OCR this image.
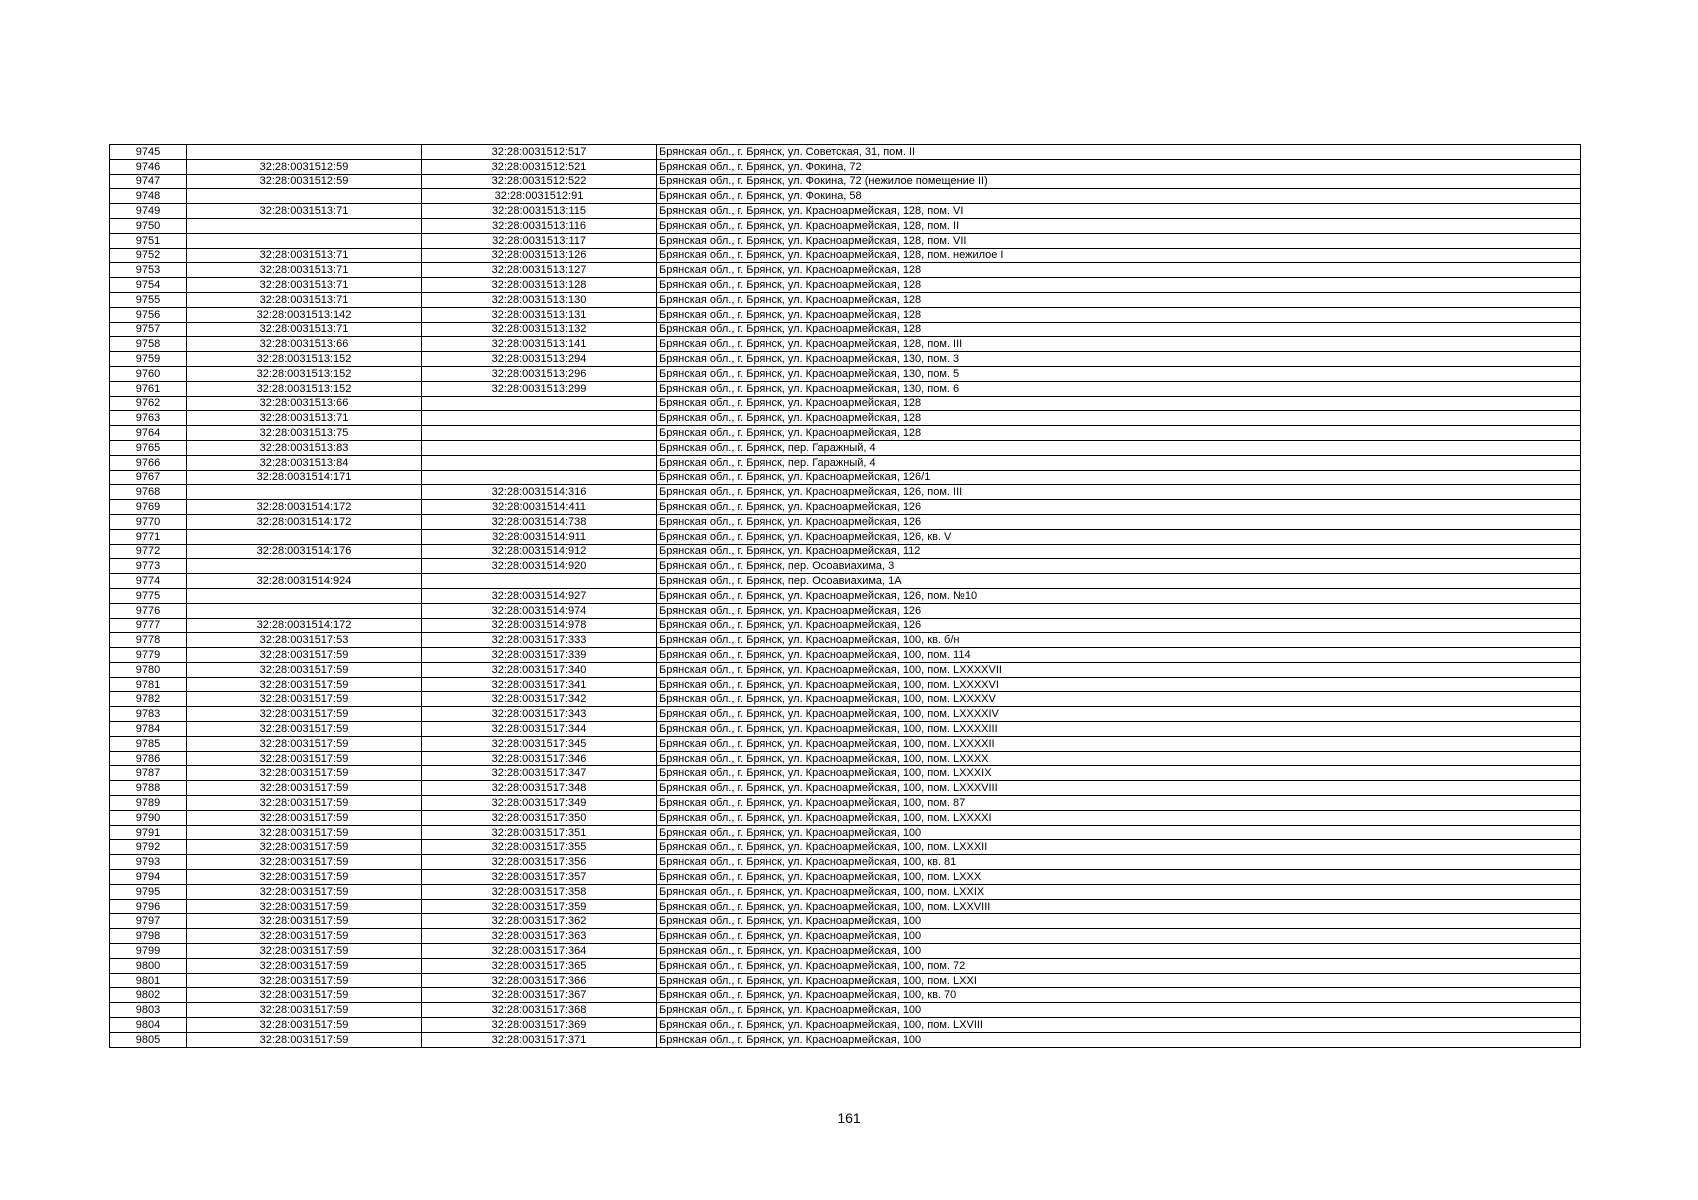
9745		32:28:0031512:517	Брянская обл., г. Брянск, ул. Советская, 31, пом. II
9746	32:28:0031512:59	32:28:0031512:521	Брянская обл., г. Брянск, ул. Фокина, 72
9747	32:28:0031512:59	32:28:0031512:522	Брянская обл., г. Брянск, ул. Фокина, 72 (нежилое помещение II)
9748		32:28:0031512:91	Брянская обл., г. Брянск, ул. Фокина, 58
9749	32:28:0031513:71	32:28:0031513:115	Брянская обл., г. Брянск, ул. Красноармейская, 128, пом. VI
9750		32:28:0031513:116	Брянская обл., г. Брянск, ул. Красноармейская, 128, пом. II
9751		32:28:0031513:117	Брянская обл., г. Брянск, ул. Красноармейская, 128, пом. VII
9752	32:28:0031513:71	32:28:0031513:126	Брянская обл., г. Брянск, ул. Красноармейская, 128, пом. нежилое I
9753	32:28:0031513:71	32:28:0031513:127	Брянская обл., г. Брянск, ул. Красноармейская, 128
9754	32:28:0031513:71	32:28:0031513:128	Брянская обл., г. Брянск, ул. Красноармейская, 128
9755	32:28:0031513:71	32:28:0031513:130	Брянская обл., г. Брянск, ул. Красноармейская, 128
9756	32:28:0031513:142	32:28:0031513:131	Брянская обл., г. Брянск, ул. Красноармейская, 128
9757	32:28:0031513:71	32:28:0031513:132	Брянская обл., г. Брянск, ул. Красноармейская, 128
9758	32:28:0031513:66	32:28:0031513:141	Брянская обл., г. Брянск, ул. Красноармейская, 128, пом. III
9759	32:28:0031513:152	32:28:0031513:294	Брянская обл., г. Брянск, ул. Красноармейская, 130, пом. 3
9760	32:28:0031513:152	32:28:0031513:296	Брянская обл., г. Брянск, ул. Красноармейская, 130, пом. 5
9761	32:28:0031513:152	32:28:0031513:299	Брянская обл., г. Брянск, ул. Красноармейская, 130, пом. 6
9762	32:28:0031513:66		Брянская обл., г. Брянск, ул. Красноармейская, 128
9763	32:28:0031513:71		Брянская обл., г. Брянск, ул. Красноармейская, 128
9764	32:28:0031513:75		Брянская обл., г. Брянск, ул. Красноармейская, 128
9765	32:28:0031513:83		Брянская обл., г. Брянск, пер. Гаражный, 4
9766	32:28:0031513:84		Брянская обл., г. Брянск, пер. Гаражный, 4
9767	32:28:0031514:171		Брянская обл., г. Брянск, ул. Красноармейская, 126/1
9768		32:28:0031514:316	Брянская обл., г. Брянск, ул. Красноармейская, 126, пом. III
9769	32:28:0031514:172	32:28:0031514:411	Брянская обл., г. Брянск, ул. Красноармейская, 126
9770	32:28:0031514:172	32:28:0031514:738	Брянская обл., г. Брянск, ул. Красноармейская, 126
9771		32:28:0031514:911	Брянская обл., г. Брянск, ул. Красноармейская, 126, кв. V
9772	32:28:0031514:176	32:28:0031514:912	Брянская обл., г. Брянск, ул. Красноармейская, 112
9773		32:28:0031514:920	Брянская обл., г. Брянск, пер. Осоавиахима, 3
9774	32:28:0031514:924		Брянская обл., г. Брянск, пер. Осоавиахима, 1А
9775		32:28:0031514:927	Брянская обл., г. Брянск, ул. Красноармейская, 126, пом. №10
9776		32:28:0031514:974	Брянская обл., г. Брянск, ул. Красноармейская, 126
9777	32:28:0031514:172	32:28:0031514:978	Брянская обл., г. Брянск, ул. Красноармейская, 126
9778	32:28:0031517:53	32:28:0031517:333	Брянская обл., г. Брянск, ул. Красноармейская, 100, кв. б/н
9779	32:28:0031517:59	32:28:0031517:339	Брянская обл., г. Брянск, ул. Красноармейская, 100, пом. 114
9780	32:28:0031517:59	32:28:0031517:340	Брянская обл., г. Брянск, ул. Красноармейская, 100, пом. LXXXXVII
9781	32:28:0031517:59	32:28:0031517:341	Брянская обл., г. Брянск, ул. Красноармейская, 100, пом. LXXXXVI
9782	32:28:0031517:59	32:28:0031517:342	Брянская обл., г. Брянск, ул. Красноармейская, 100, пом. LXXXXV
9783	32:28:0031517:59	32:28:0031517:343	Брянская обл., г. Брянск, ул. Красноармейская, 100, пом. LXXXXIV
9784	32:28:0031517:59	32:28:0031517:344	Брянская обл., г. Брянск, ул. Красноармейская, 100, пом. LXXXXIII
9785	32:28:0031517:59	32:28:0031517:345	Брянская обл., г. Брянск, ул. Красноармейская, 100, пом. LXXXXII
9786	32:28:0031517:59	32:28:0031517:346	Брянская обл., г. Брянск, ул. Красноармейская, 100, пом. LXXXX
9787	32:28:0031517:59	32:28:0031517:347	Брянская обл., г. Брянск, ул. Красноармейская, 100, пом. LXXXIX
9788	32:28:0031517:59	32:28:0031517:348	Брянская обл., г. Брянск, ул. Красноармейская, 100, пом. LXXXVIII
9789	32:28:0031517:59	32:28:0031517:349	Брянская обл., г. Брянск, ул. Красноармейская, 100, пом. 87
9790	32:28:0031517:59	32:28:0031517:350	Брянская обл., г. Брянск, ул. Красноармейская, 100, пом. LXXXXI
9791	32:28:0031517:59	32:28:0031517:351	Брянская обл., г. Брянск, ул. Красноармейская, 100
9792	32:28:0031517:59	32:28:0031517:355	Брянская обл., г. Брянск, ул. Красноармейская, 100, пом. LXXXII
9793	32:28:0031517:59	32:28:0031517:356	Брянская обл., г. Брянск, ул. Красноармейская, 100, кв. 81
9794	32:28:0031517:59	32:28:0031517:357	Брянская обл., г. Брянск, ул. Красноармейская, 100, пом. LXXX
9795	32:28:0031517:59	32:28:0031517:358	Брянская обл., г. Брянск, ул. Красноармейская, 100, пом. LXXIX
9796	32:28:0031517:59	32:28:0031517:359	Брянская обл., г. Брянск, ул. Красноармейская, 100, пом. LXXVIII
9797	32:28:0031517:59	32:28:0031517:362	Брянская обл., г. Брянск, ул. Красноармейская, 100
9798	32:28:0031517:59	32:28:0031517:363	Брянская обл., г. Брянск, ул. Красноармейская, 100
9799	32:28:0031517:59	32:28:0031517:364	Брянская обл., г. Брянск, ул. Красноармейская, 100
9800	32:28:0031517:59	32:28:0031517:365	Брянская обл., г. Брянск, ул. Красноармейская, 100, пом. 72
9801	32:28:0031517:59	32:28:0031517:366	Брянская обл., г. Брянск, ул. Красноармейская, 100, пом. LXXI
9802	32:28:0031517:59	32:28:0031517:367	Брянская обл., г. Брянск, ул. Красноармейская, 100, кв. 70
9803	32:28:0031517:59	32:28:0031517:368	Брянская обл., г. Брянск, ул. Красноармейская, 100
9804	32:28:0031517:59	32:28:0031517:369	Брянская обл., г. Брянск, ул. Красноармейская, 100, пом. LXVIII
9805	32:28:0031517:59	32:28:0031517:371	Брянская обл., г. Брянск, ул. Красноармейская, 100
161
